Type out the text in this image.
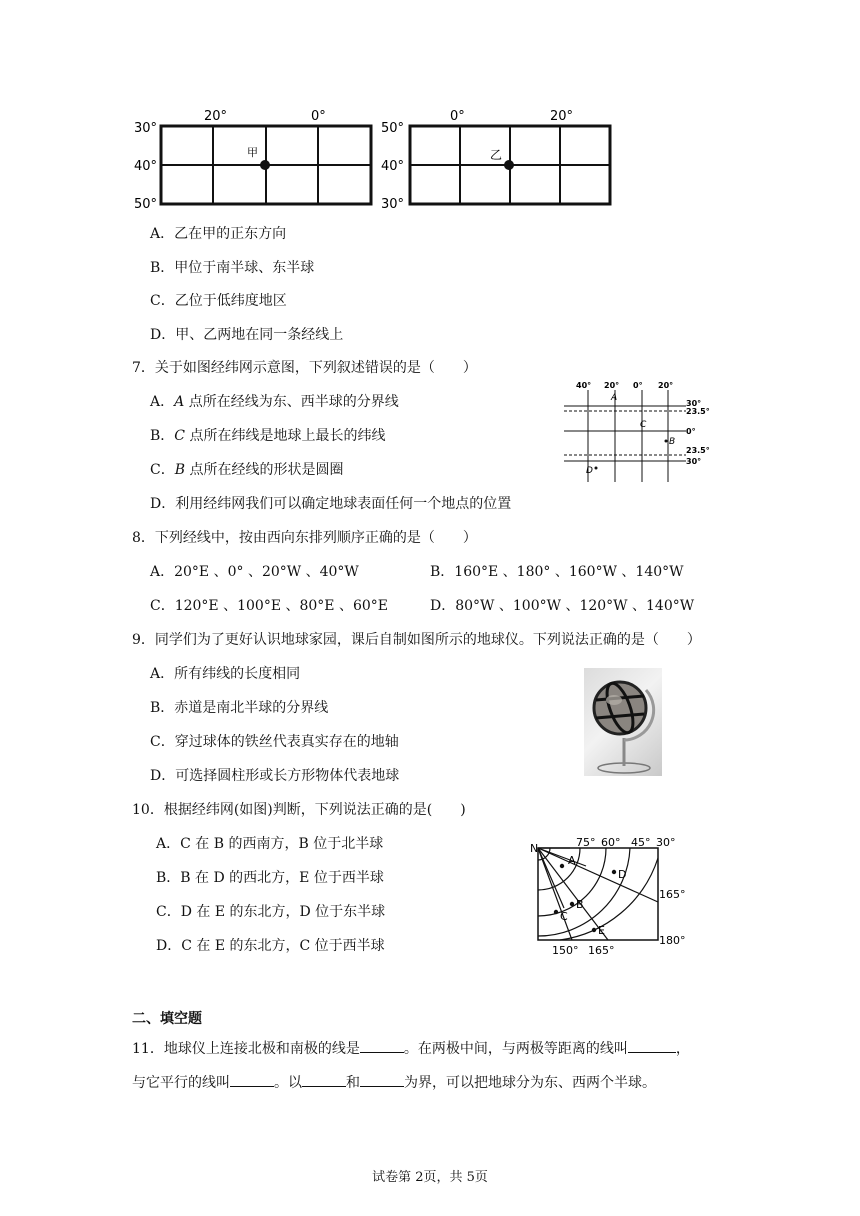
30°
40°
50°
20°	0°
甲
50°
40°
30°
0°	20°
乙
A．乙在甲的正东方向
B．甲位于南半球、东半球
C．乙位于低纬度地区
D．甲、乙两地在同一条经线上
7．关于如图经纬网示意图，下列叙述错误的是（　　）
A．A 点所在经线为东、西半球的分界线
B．C 点所在纬线是地球上最长的纬线
C．B 点所在经线的形状是圆圈
D．利用经纬网我们可以确定地球表面任何一个地点的位置
40° 20° 0° 20°
30°
23.5°
0°
23.5°
30°
A
C
B
D
8．下列经线中，按由西向东排列顺序正确的是（　　）
A．20°E 、0° 、20°W 、40°W	B．160°E 、180° 、160°W 、140°W
C．120°E 、100°E 、80°E 、60°E	D．80°W 、100°W 、120°W 、140°W
9．同学们为了更好认识地球家园，课后自制如图所示的地球仪。下列说法正确的是（　　）
A．所有纬线的长度相同
B．赤道是南北半球的分界线
C．穿过球体的铁丝代表真实存在的地轴
D．可选择圆柱形或长方形物体代表地球
10．根据经纬网(如图)判断，下列说法正确的是(　　)
A．C 在 B 的西南方，B 位于北半球
B．B 在 D 的西北方，E 位于西半球
C．D 在 E 的东北方，D 位于东半球
D．C 在 E 的东北方，C 位于西半球
N	75° 60° 45° 30°
165°
180°
150° 165°
A
B
C
D
E
二、填空题
11．地球仪上连接北极和南极的线是	。在两极中间，与两极等距离的线叫	，
与它平行的线叫	。以	和	为界，可以把地球分为东、西两个半球。
试卷第 2页，共 5页
